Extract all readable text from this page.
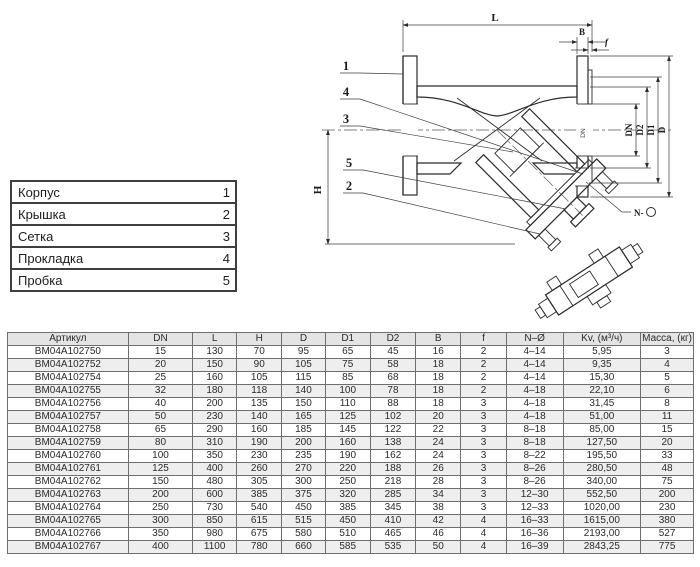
L
B
f
H
DN D2 D1 D
DN
N-
1
4
3
5
2
Корпус	1
Крышка	2
Сетка	3
Прокладка	4
Пробка	5
Артикул	DN	L	H	D	D1	D2	B	f	N–Ø	Kv, (м³/ч)	Масса, (кг)
BM04A102750	15	130	70	95	65	45	16	2	4–14	5,95	3
BM04A102752	20	150	90	105	75	58	18	2	4–14	9,35	4
BM04A102754	25	160	105	115	85	68	18	2	4–14	15,30	5
BM04A102755	32	180	118	140	100	78	18	2	4–18	22,10	6
BM04A102756	40	200	135	150	110	88	18	3	4–18	31,45	8
BM04A102757	50	230	140	165	125	102	20	3	4–18	51,00	11
BM04A102758	65	290	160	185	145	122	22	3	8–18	85,00	15
BM04A102759	80	310	190	200	160	138	24	3	8–18	127,50	20
BM04A102760	100	350	230	235	190	162	24	3	8–22	195,50	33
BM04A102761	125	400	260	270	220	188	26	3	8–26	280,50	48
BM04A102762	150	480	305	300	250	218	28	3	8–26	340,00	75
BM04A102763	200	600	385	375	320	285	34	3	12–30	552,50	200
BM04A102764	250	730	540	450	385	345	38	3	12–33	1020,00	230
BM04A102765	300	850	615	515	450	410	42	4	16–33	1615,00	380
BM04A102766	350	980	675	580	510	465	46	4	16–36	2193,00	527
BM04A102767	400	1100	780	660	585	535	50	4	16–39	2843,25	775
